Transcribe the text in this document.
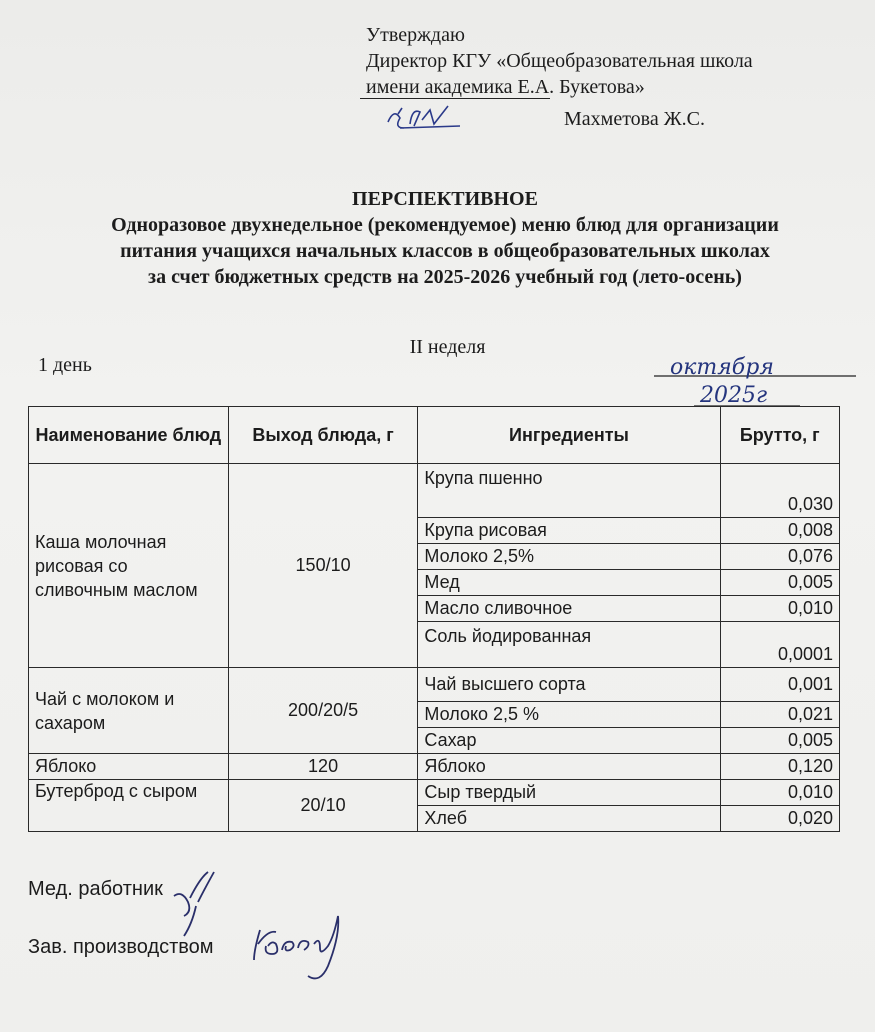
Утверждаю
Директор КГУ «Общеобразовательная школа
имени академика Е.А. Букетова»
Махметова Ж.С.
ПЕРСПЕКТИВНОЕ
Одноразовое двухнедельное (рекомендуемое) меню блюд для организации
питания учащихся начальных классов в общеобразовательных школах
за счет бюджетных средств на 2025-2026 учебный год (лето-осень)
II неделя
1 день	октября
2025г
Наименование блюд	Выход блюда, г	Ингредиенты	Брутто, г
Каша молочная рисовая со сливочным маслом	150/10	Крупа пшенно	0,030
		Крупа рисовая	0,008
		Молоко 2,5%	0,076
		Мед	0,005
		Масло сливочное	0,010
		Соль йодированная	0,0001
Чай с молоком и сахаром	200/20/5	Чай высшего сорта	0,001
		Молоко 2,5 %	0,021
		Сахар	0,005
Яблоко	120	Яблоко	0,120
Бутерброд с сыром	20/10	Сыр твердый	0,010
		Хлеб	0,020
Мед. работник
Зав. производством
